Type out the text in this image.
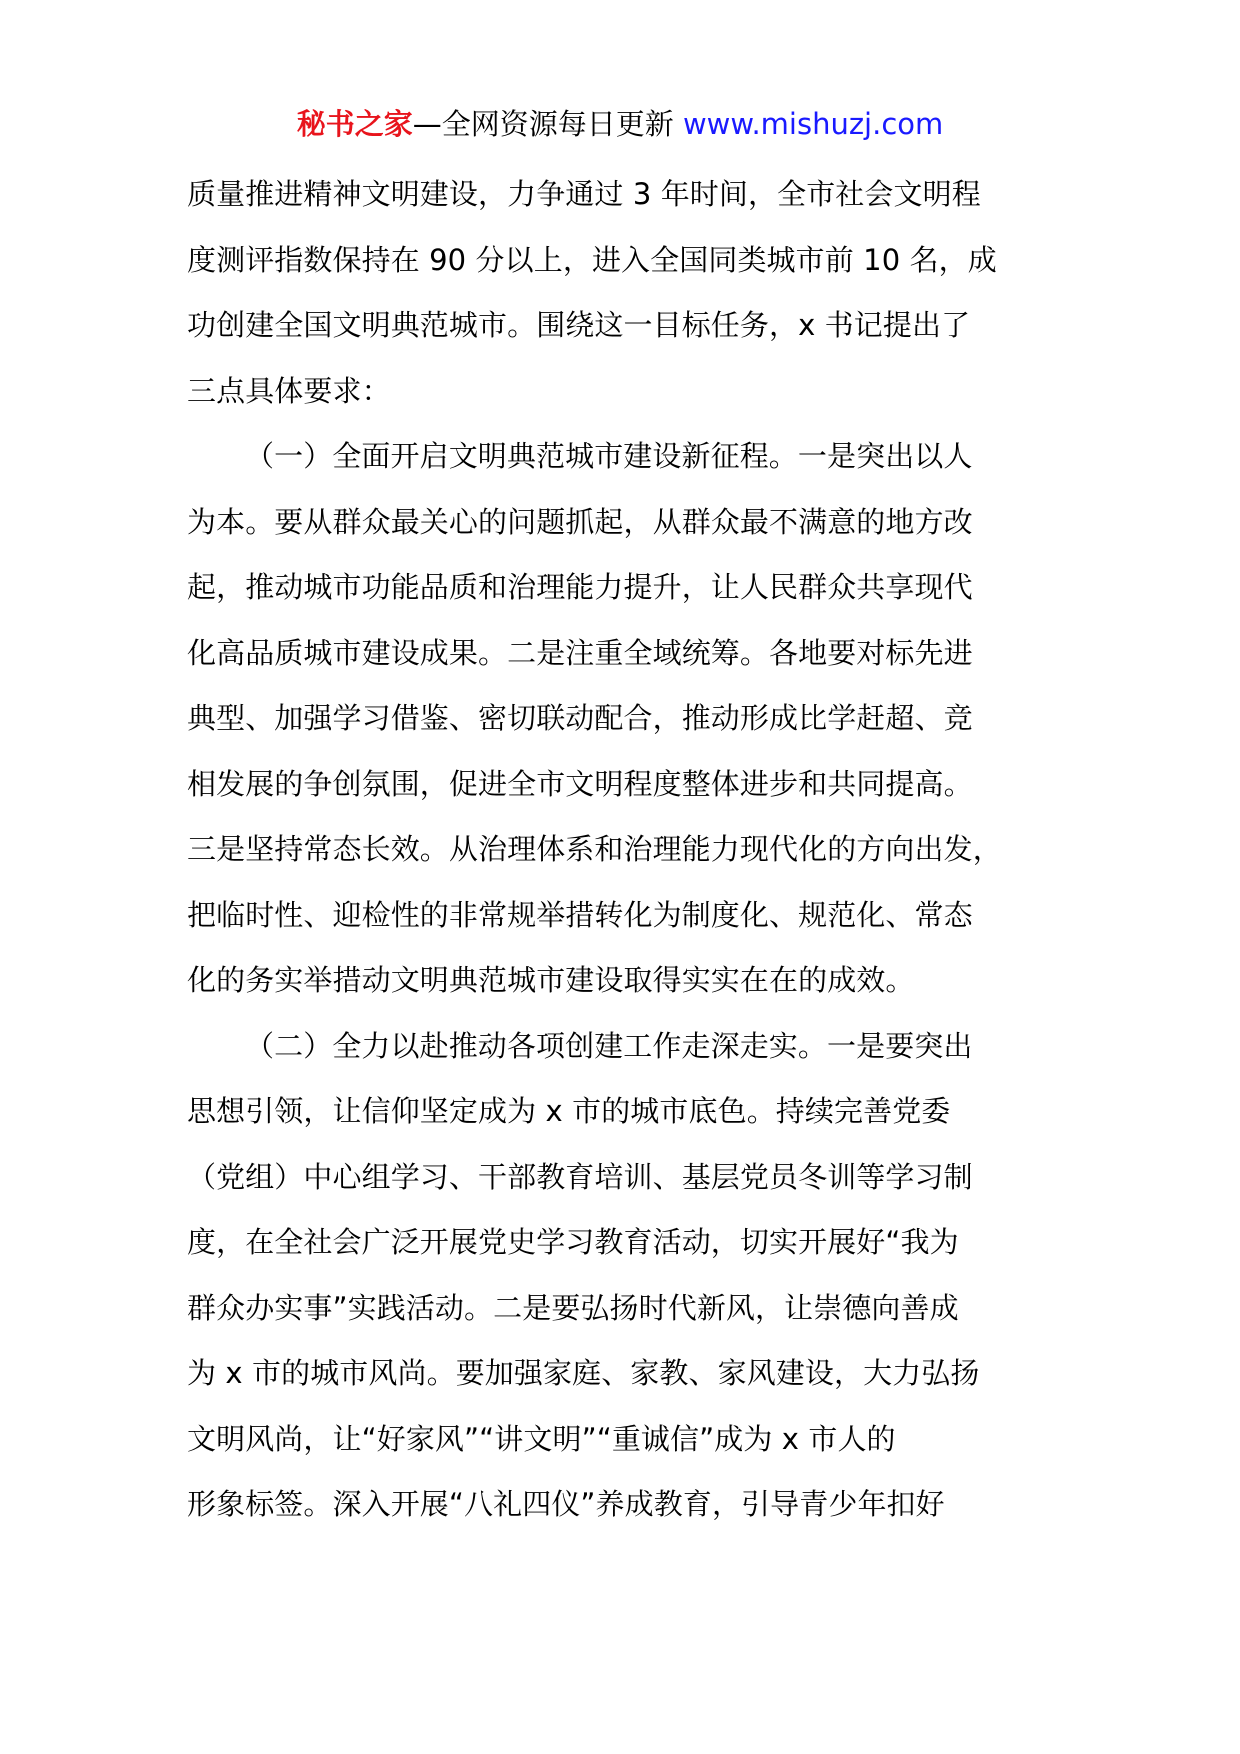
秘书之家—全网资源每日更新 www.mishuzj.com
质量推进精神文明建设，力争通过 3 年时间，全市社会文明程
度测评指数保持在 90 分以上，进入全国同类城市前 10 名，成
功创建全国文明典范城市。围绕这一目标任务，x 书记提出了
三点具体要求：
（一）全面开启文明典范城市建设新征程。一是突出以人
为本。要从群众最关心的问题抓起，从群众最不满意的地方改
起，推动城市功能品质和治理能力提升，让人民群众共享现代
化高品质城市建设成果。二是注重全域统筹。各地要对标先进
典型、加强学习借鉴、密切联动配合，推动形成比学赶超、竞
相发展的争创氛围，促进全市文明程度整体进步和共同提高。
三是坚持常态长效。从治理体系和治理能力现代化的方向出发，
把临时性、迎检性的非常规举措转化为制度化、规范化、常态
化的务实举措动文明典范城市建设取得实实在在的成效。
（二）全力以赴推动各项创建工作走深走实。一是要突出
思想引领，让信仰坚定成为 x 市的城市底色。持续完善党委
（党组）中心组学习、干部教育培训、基层党员冬训等学习制
度，在全社会广泛开展党史学习教育活动，切实开展好“我为
群众办实事”实践活动。二是要弘扬时代新风，让崇德向善成
为 x 市的城市风尚。要加强家庭、家教、家风建设，大力弘扬
文明风尚，让“好家风”“讲文明”“重诚信”成为 x 市人的
形象标签。深入开展“八礼四仪”养成教育，引导青少年扣好
